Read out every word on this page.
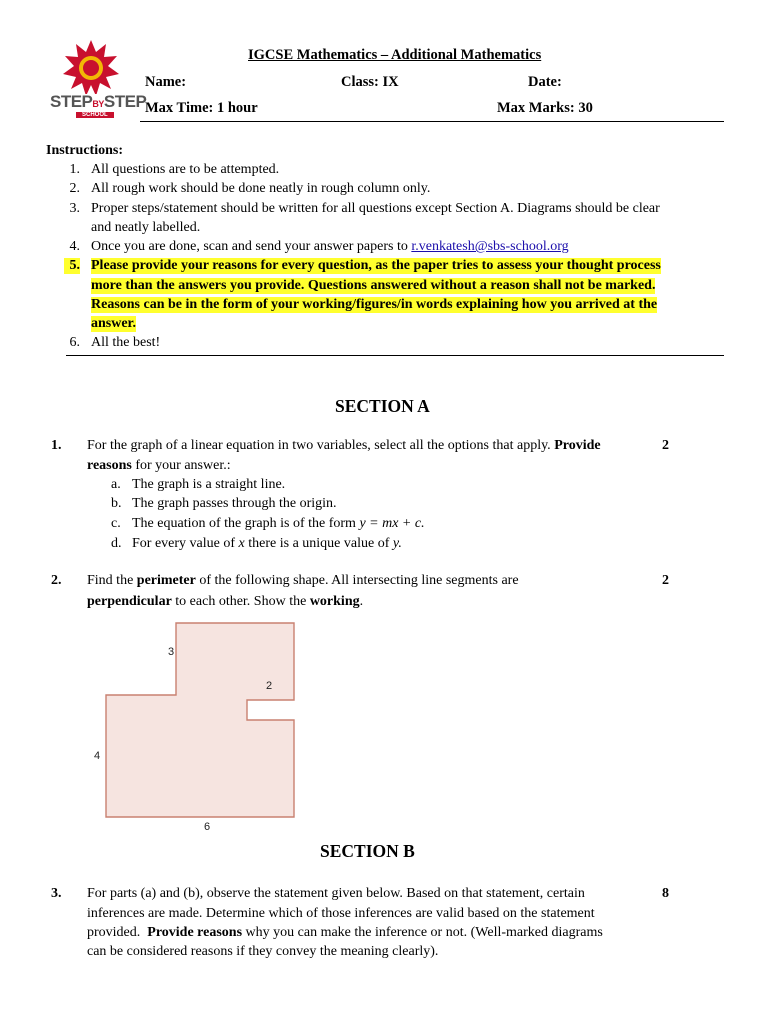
STEPBYSTEP
SCHOOL
IGCSE Mathematics – Additional Mathematics
Name:	Class: IX	Date:
Max Time: 1 hour	Max Marks: 30
Instructions:
1. All questions are to be attempted.
2. All rough work should be done neatly in rough column only.
3. Proper steps/statement should be written for all questions except Section A. Diagrams should be clear
and neatly labelled.
4. Once you are done, scan and send your answer papers to r.venkatesh@sbs-school.org
5. Please provide your reasons for every question, as the paper tries to assess your thought process
more than the answers you provide. Questions answered without a reason shall not be marked.
Reasons can be in the form of your working/figures/in words explaining how you arrived at the
answer.
6. All the best!
SECTION A
1. For the graph of a linear equation in two variables, select all the options that apply. Provide
reasons for your answer.:
2
a. The graph is a straight line.
b. The graph passes through the origin.
c. The equation of the graph is of the form y = mx + c.
d. For every value of x there is a unique value of y.
2. Find the perimeter of the following shape. All intersecting line segments are
perpendicular to each other. Show the working.
2
3
2
4
6
SECTION B
3. For parts (a) and (b), observe the statement given below. Based on that statement, certain
inferences are made. Determine which of those inferences are valid based on the statement
provided. Provide reasons why you can make the inference or not. (Well-marked diagrams
can be considered reasons if they convey the meaning clearly).
8
